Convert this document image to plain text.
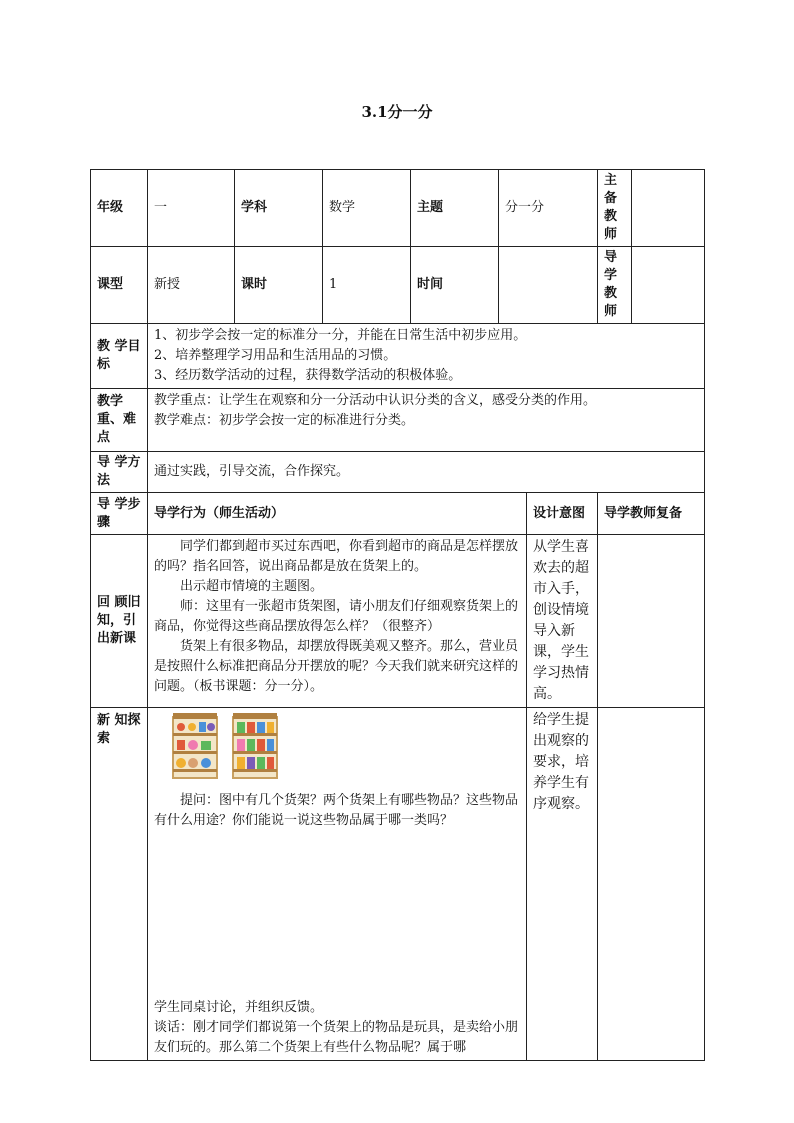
3.1分一分
年级	一	学科	数学	主题	分一分		主备教师	
课型	新授	课时	1	时间			导学教师	
教 学目标	1、初步学会按一定的标准分一分，并能在日常生活中初步应用。

2、培养整理学习用品和生活用品的习惯。

3、经历数学活动的过程，获得数学活动的积极体验。							

教学重、难点	教学重点：让学生在观察和分一分活动中认识分类的含义，感受分类的作用。

教学难点：初步学会按一定的标准进行分类。							

导 学方法	通过实践，引导交流，合作探究。							
导 学步骤	导学行为（师生活动）					设计意图	导学教师复备	
回 顾旧知，引 出新课	同学们都到超市买过东西吧，你看到超市的商品是怎样摆放的吗？指名回答，说出商品都是放在货架上的。

出示超市情境的主题图。

师：这里有一张超市货架图，请小朋友们仔细观察货架上的商品，你觉得这些商品摆放得怎么样？（很整齐）

货架上有很多物品，却摆放得既美观又整齐。那么，营业员是按照什么标准把商品分开摆放的呢？今天我们就来研究这样的问题。（板书课题：分一分）。					从学生喜欢去的超市入手，创设情境导入新课，学生学习热情高。		
新 知探索	提问：图中有几个货架？两个货架上有哪些物品？这些物品有什么用途？你们能说一说这些物品属于哪一类吗？

学生同桌讨论，并组织反馈。

谈话：刚才同学们都说第一个货架上的物品是玩具，是卖给小朋友们玩的。那么第二个货架上有些什么物品呢？属于哪					给学生提出观察的要求，培养学生有序观察。		
